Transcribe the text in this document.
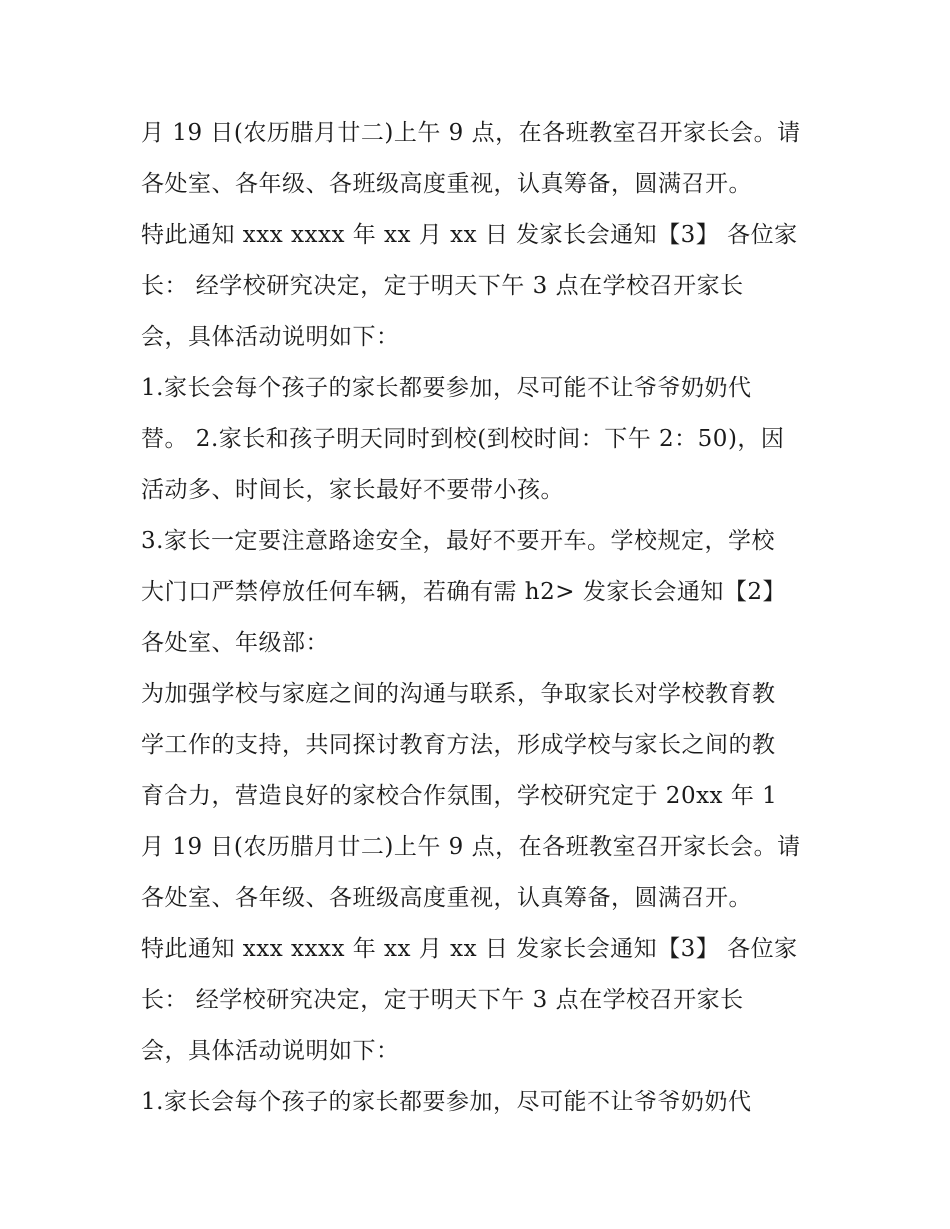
月 19 日(农历腊月廿二)上午 9 点，在各班教室召开家长会。请
各处室、各年级、各班级高度重视，认真筹备，圆满召开。
特此通知 xxx xxxx 年 xx 月 xx 日 发家长会通知【3】 各位家
长： 经学校研究决定，定于明天下午 3 点在学校召开家长
会，具体活动说明如下：
1.家长会每个孩子的家长都要参加，尽可能不让爷爷奶奶代
替。 2.家长和孩子明天同时到校(到校时间：下午 2：50)，因
活动多、时间长，家长最好不要带小孩。
3.家长一定要注意路途安全，最好不要开车。学校规定，学校
大门口严禁停放任何车辆，若确有需 h2> 发家长会通知【2】
各处室、年级部：
为加强学校与家庭之间的沟通与联系，争取家长对学校教育教
学工作的支持，共同探讨教育方法，形成学校与家长之间的教
育合力，营造良好的家校合作氛围，学校研究定于 20xx 年 1
月 19 日(农历腊月廿二)上午 9 点，在各班教室召开家长会。请
各处室、各年级、各班级高度重视，认真筹备，圆满召开。
特此通知 xxx xxxx 年 xx 月 xx 日 发家长会通知【3】 各位家
长： 经学校研究决定，定于明天下午 3 点在学校召开家长
会，具体活动说明如下：
1.家长会每个孩子的家长都要参加，尽可能不让爷爷奶奶代
